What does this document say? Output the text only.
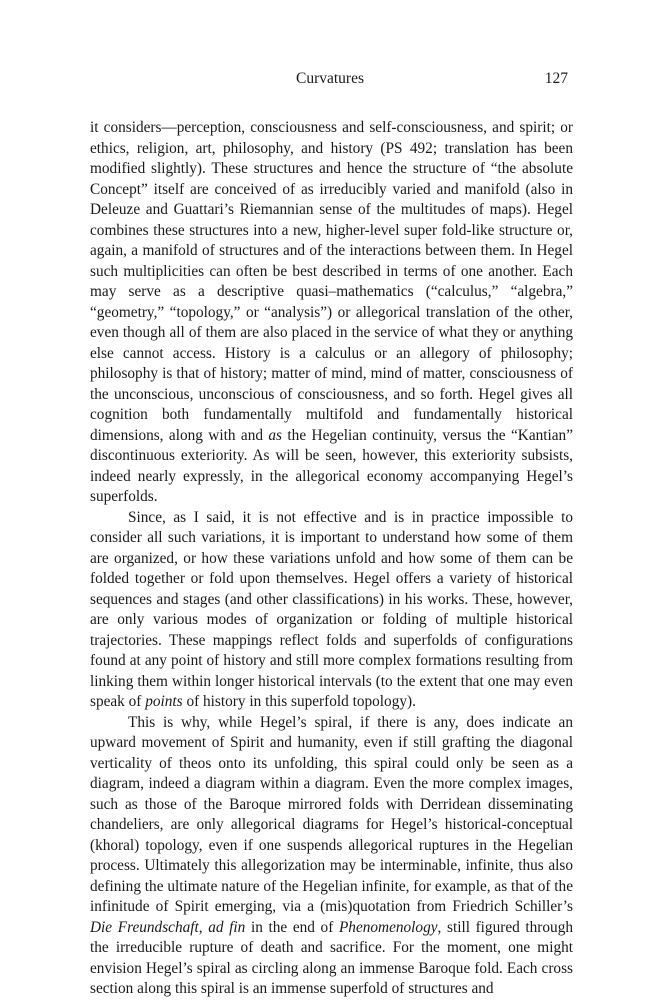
Curvatures	127

it considers—perception, consciousness and self-consciousness, and spirit; or ethics, religion, art, philosophy, and history (PS 492; translation has been modified slightly). These structures and hence the structure of “the absolute Concept” itself are conceived of as irreducibly varied and manifold (also in Deleuze and Guattari’s Riemannian sense of the multitudes of maps). Hegel combines these structures into a new, higher-level super fold-like structure or, again, a manifold of structures and of the interactions between them. In Hegel such multiplicities can often be best described in terms of one another. Each may serve as a descriptive quasi–mathematics (“calculus,” “algebra,” “geometry,” “topology,” or “analysis”) or allegorical translation of the other, even though all of them are also placed in the service of what they or anything else cannot access. History is a calculus or an allegory of philosophy; philosophy is that of history; matter of mind, mind of matter, consciousness of the unconscious, unconscious of consciousness, and so forth. Hegel gives all cognition both fundamentally multifold and fundamentally historical dimensions, along with and as the Hegelian continuity, versus the “Kantian” discontinuous exteriority. As will be seen, however, this exteriority subsists, indeed nearly expressly, in the allegorical economy accompanying Hegel’s superfolds.

Since, as I said, it is not effective and is in practice impossible to consider all such variations, it is important to understand how some of them are organized, or how these variations unfold and how some of them can be folded together or fold upon themselves. Hegel offers a variety of historical sequences and stages (and other classifications) in his works. These, however, are only various modes of organization or folding of multiple historical trajectories. These mappings reflect folds and superfolds of configurations found at any point of history and still more complex formations resulting from linking them within longer historical intervals (to the extent that one may even speak of points of history in this superfold topology).

This is why, while Hegel’s spiral, if there is any, does indicate an upward movement of Spirit and humanity, even if still grafting the diagonal verticality of theos onto its unfolding, this spiral could only be seen as a diagram, indeed a diagram within a diagram. Even the more complex images, such as those of the Baroque mirrored folds with Derridean disseminating chandeliers, are only allegorical diagrams for Hegel’s historical-conceptual (khoral) topology, even if one suspends allegorical ruptures in the Hegelian process. Ultimately this allegorization may be interminable, infinite, thus also defining the ultimate nature of the Hegelian infinite, for example, as that of the infinitude of Spirit emerging, via a (mis)quotation from Friedrich Schiller’s Die Freundschaft, ad fin in the end of Phenomenology, still figured through the irreducible rupture of death and sacrifice. For the moment, one might envision Hegel’s spiral as circling along an immense Baroque fold. Each cross section along this spiral is an immense superfold of structures and
